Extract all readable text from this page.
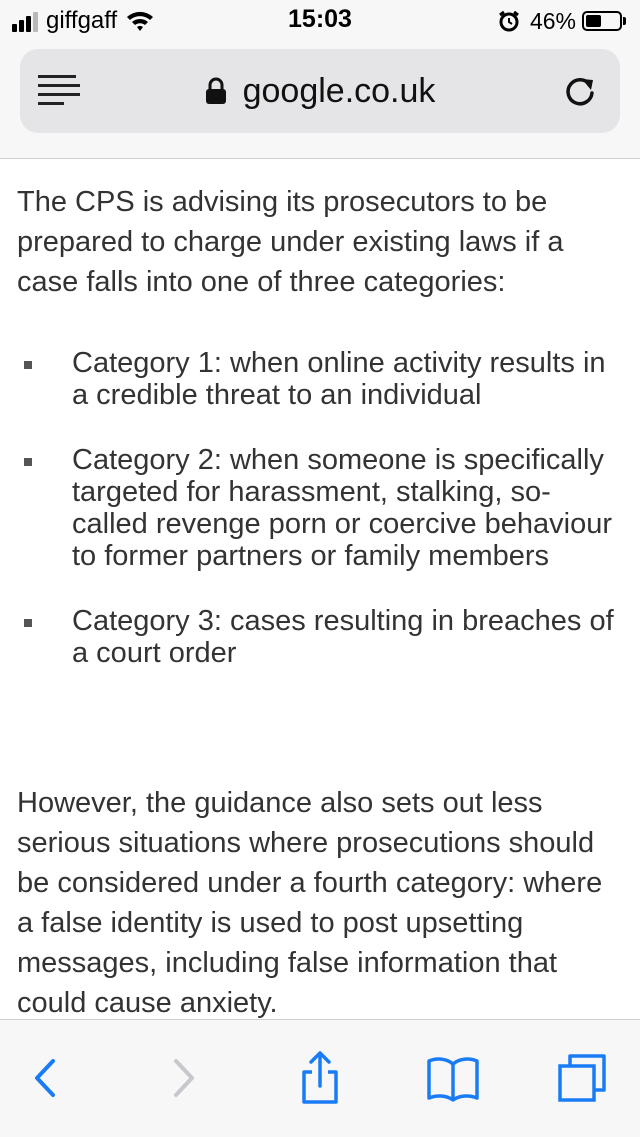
giffgaff	15:03	46%
google.co.uk

The CPS is advising its prosecutors to be prepared to charge under existing laws if a case falls into one of three categories:

Category 1: when online activity results in a credible threat to an individual
Category 2: when someone is specifically targeted for harassment, stalking, so-called revenge porn or coercive behaviour to former partners or family members
Category 3: cases resulting in breaches of a court order

However, the guidance also sets out less serious situations where prosecutions should be considered under a fourth category: where a false identity is used to post upsetting messages, including false information that could cause anxiety.
